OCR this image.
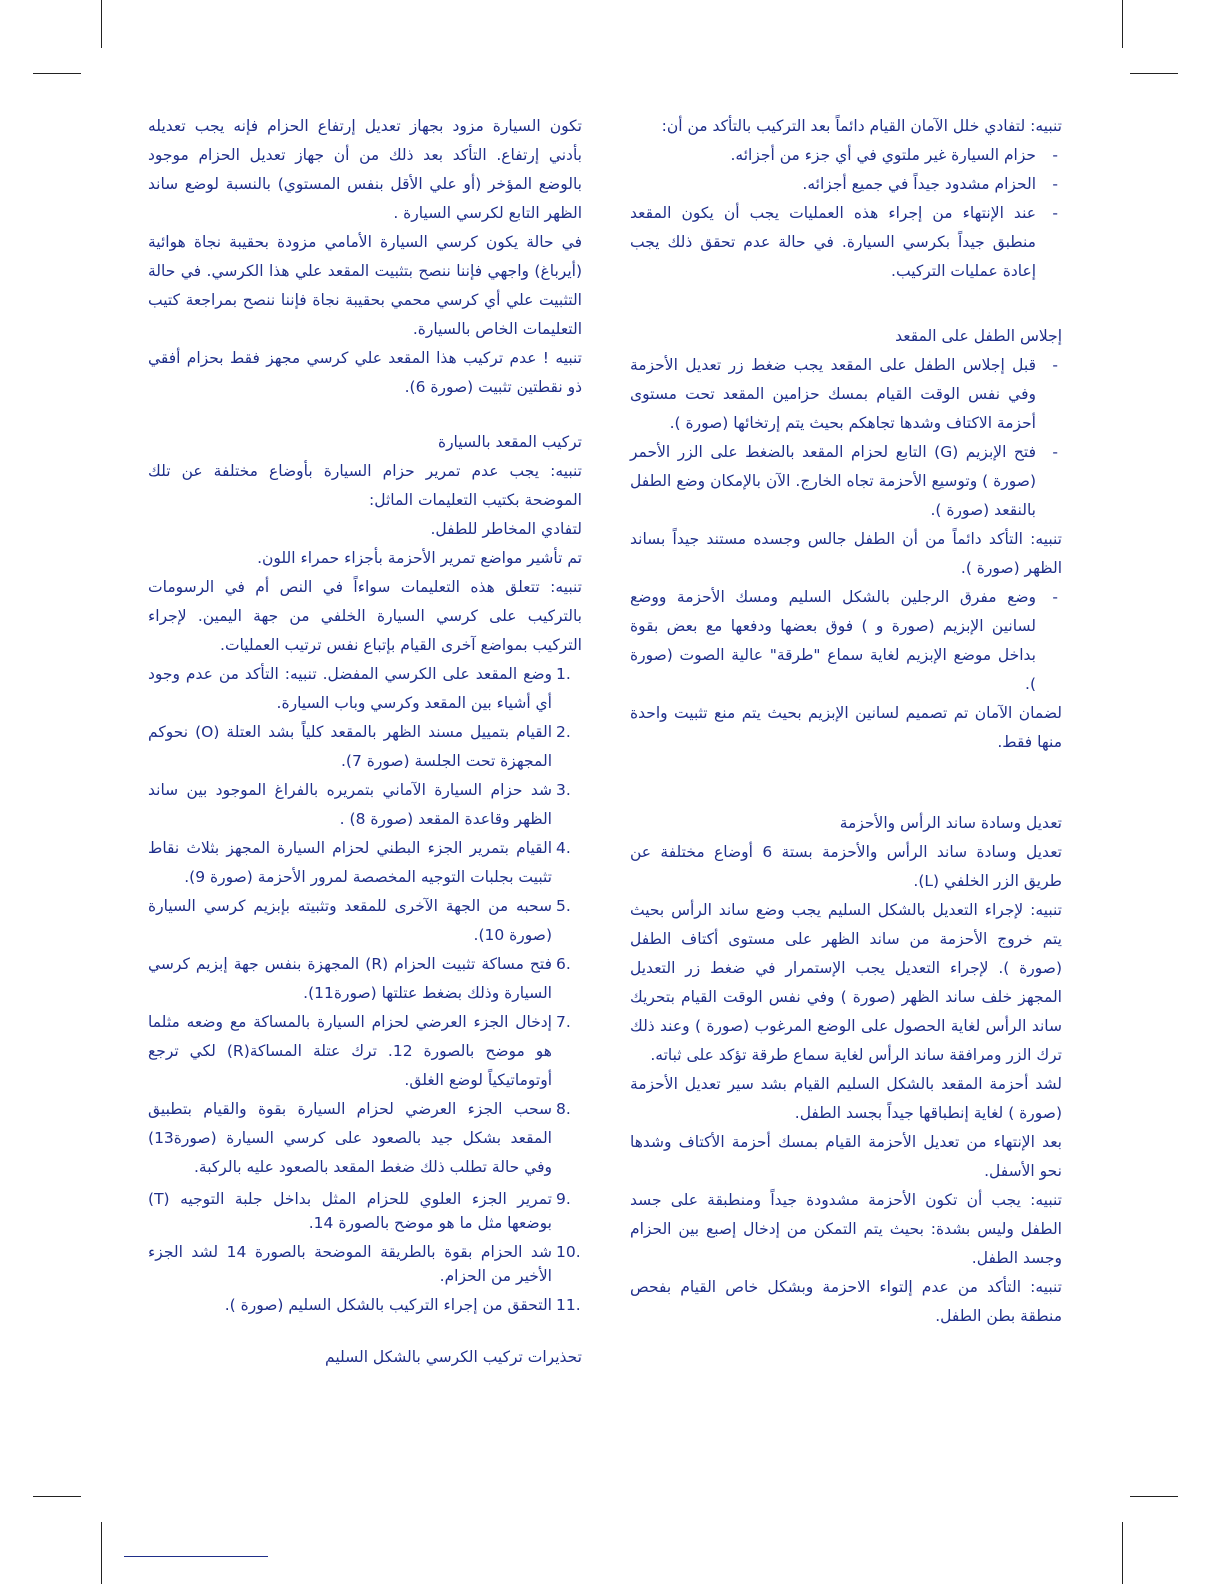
تنبيه: لتفادي خلل الآمان القيام دائماً بعد التركيب بالتأكد من أن:

- حزام السيارة غير ملتوي في أي جزء من أجزائه.

- الحزام مشدود جيداً في جميع أجزائه.

- عند الإنتهاء من إجراء هذه العمليات يجب أن يكون المقعد منطبق جيداً بكرسي السيارة. في حالة عدم تحقق ذلك يجب إعادة عمليات التركيب.

إجلاس الطفل على المقعد

- قبل إجلاس الطفل على المقعد يجب ضغط زر تعديل الأحزمة وفي نفس الوقت القيام بمسك حزامين المقعد تحت مستوى أحزمة الاكتاف وشدها تجاهكم بحيث يتم إرتخائها (صورة ).

- فتح الإبزيم (G) التابع لحزام المقعد بالضغط على الزر الأحمر (صورة ) وتوسيع الأحزمة تجاه الخارج. الآن بالإمكان وضع الطفل بالنقعد (صورة ).

تنبيه: التأكد دائماً من أن الطفل جالس وجسده مستند جيداً بساند الظهر (صورة ).

- وضع مفرق الرجلين بالشكل السليم ومسك الأحزمة ووضع لسانين الإبزيم (صورة و ) فوق بعضها ودفعها مع بعض بقوة بداخل موضع الإبزيم لغاية سماع "طرقة" عالية الصوت (صورة ).

لضمان الآمان تم تصميم لسانين الإبزيم بحيث يتم منع تثبيت واحدة منها فقط.

تعديل وسادة ساند الرأس والأحزمة

تعديل وسادة ساند الرأس والأحزمة بستة 6 أوضاع مختلفة عن طريق الزر الخلفي (L).

تنبيه: لإجراء التعديل بالشكل السليم يجب وضع ساند الرأس بحيث يتم خروج الأحزمة من ساند الظهر على مستوى أكتاف الطفل (صورة ). لإجراء التعديل يجب الإستمرار في ضغط زر التعديل المجهز خلف ساند الظهر (صورة ) وفي نفس الوقت القيام بتحريك ساند الرأس لغاية الحصول على الوضع المرغوب (صورة ) وعند ذلك ترك الزر ومرافقة ساند الرأس لغاية سماع طرقة تؤكد على ثباته.

لشد أحزمة المقعد بالشكل السليم القيام بشد سير تعديل الأحزمة (صورة ) لغاية إنطباقها جيداً بجسد الطفل.

بعد الإنتهاء من تعديل الأحزمة القيام بمسك أحزمة الأكتاف وشدها نحو الأسفل.

تنبيه: يجب أن تكون الأحزمة مشدودة جيداً ومنطبقة على جسد الطفل وليس بشدة: بحيث يتم التمكن من إدخال إصبع بين الحزام وجسد الطفل.

تنبيه: التأكد من عدم إلتواء الاحزمة وبشكل خاص القيام بفحص منطقة بطن الطفل.

تكون السيارة مزود بجهاز تعديل إرتفاع الحزام فإنه يجب تعديله بأدني إرتفاع. التأكد بعد ذلك من أن جهاز تعديل الحزام موجود بالوضع المؤخر (أو علي الأقل بنفس المستوي) بالنسبة لوضع ساند الظهر التابع لكرسي السيارة .

في حالة يكون كرسي السيارة الأمامي مزودة بحقيبة نجاة هوائية (أيرباغ) واجهي فإننا ننصح بتثبيت المقعد علي هذا الكرسي. في حالة التثبيت علي أي كرسي محمي بحقيبة نجاة فإننا ننصح بمراجعة كتيب التعليمات الخاص بالسيارة.

تنبيه ! عدم تركيب هذا المقعد علي كرسي مجهز فقط بحزام أفقي ذو نقطتين تثبيت (صورة 6).

تركيب المقعد بالسيارة

تنبيه: يجب عدم تمرير حزام السيارة بأوضاع مختلفة عن تلك الموضحة بكتيب التعليمات الماثل:

لتفادي المخاطر للطفل.

تم تأشير مواضع تمرير الأحزمة بأجزاء حمراء اللون.

تنبيه: تتعلق هذه التعليمات سواءاً في النص أم في الرسومات بالتركيب على كرسي السيارة الخلفي من جهة اليمين. لإجراء التركيب بمواضع آخرى القيام بإتباع نفس ترتيب العمليات.

1.
وضع المقعد على الكرسي المفضل. تنبيه: التأكد من عدم وجود أي أشياء بين المقعد وكرسي وباب السيارة.
2.
القيام بتمييل مسند الظهر بالمقعد كلياً بشد العتلة (O) نحوكم المجهزة تحت الجلسة (صورة 7).
3.
شد حزام السيارة الآماني بتمريره بالفراغ الموجود بين ساند الظهر وقاعدة المقعد (صورة 8) .
4.
القيام بتمرير الجزء البطني لحزام السيارة المجهز بثلاث نقاط تثبيت بجلبات التوجيه المخصصة لمرور الأحزمة (صورة 9).
5.
سحبه من الجهة الآخرى للمقعد وتثبيته بإبزيم كرسي السيارة (صورة 10).
6.
فتح مساكة تثبيت الحزام (R) المجهزة بنفس جهة إبزيم كرسي السيارة وذلك بضغط عتلتها (صورة11).
7.
إدخال الجزء العرضي لحزام السيارة بالمساكة مع وضعه مثلما هو موضح بالصورة 12. ترك عتلة المساكة(R) لكي ترجع أوتوماتيكياً لوضع الغلق.
8.
سحب الجزء العرضي لحزام السيارة بقوة والقيام بتطبيق المقعد بشكل جيد بالصعود على كرسي السيارة (صورة13) وفي حالة تطلب ذلك ضغط المقعد بالصعود عليه بالركبة.
9.
تمرير الجزء العلوي للحزام المثل بداخل جلبة التوجيه (T) بوضعها مثل ما هو موضح بالصورة 14.
10.
شد الحزام بقوة بالطريقة الموضحة بالصورة 14 لشد الجزء الأخير من الحزام.
11.
التحقق من إجراء التركيب بالشكل السليم (صورة ).

تحذيرات تركيب الكرسي بالشكل السليم
